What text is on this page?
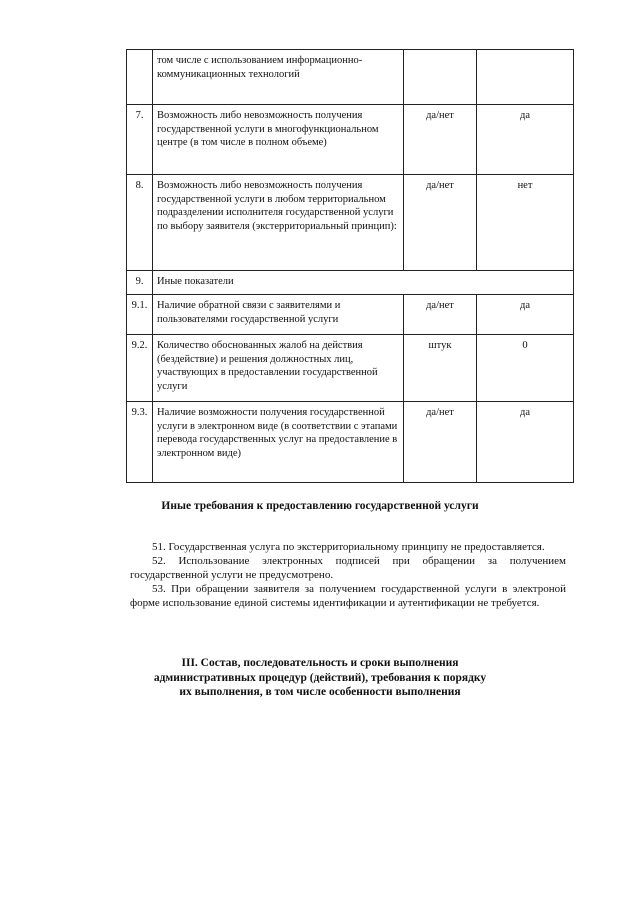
	том числе с использованием информационно-коммуникационных технологий		
7.	Возможность либо невозможность получения государственной услуги в многофункциональном центре (в том числе в полном объеме)	да/нет	да
8.	Возможность либо невозможность получения государственной услуги в любом территориальном подразделении исполнителя государственной услуги по выбору заявителя (экстерриториальный принцип):	да/нет	нет
9.	Иные показатели		
9.1.	Наличие обратной связи с заявителями и пользователями государственной услуги	да/нет	да
9.2.	Количество обоснованных жалоб на действия (бездействие) и решения должностных лиц, участвующих в предоставлении государственной услуги	штук	0
9.3.	Наличие возможности получения государственной услуги в электронном виде (в соответствии с этапами перевода государственных услуг на предоставление в электронном виде)	да/нет	да
Иные требования к предоставлению государственной услуги

51. Государственная услуга по экстерриториальному принципу не предоставляется.

52. Использование электронных подписей при обращении за получением государственной услуги не предусмотрено.

53. При обращении заявителя за получением государственной услуги в электроной форме использование единой системы идентификации и аутентификации не требуется.

III. Состав, последовательность и сроки выполнения
административных процедур (действий), требования к порядку
их выполнения, в том числе особенности выполнения
